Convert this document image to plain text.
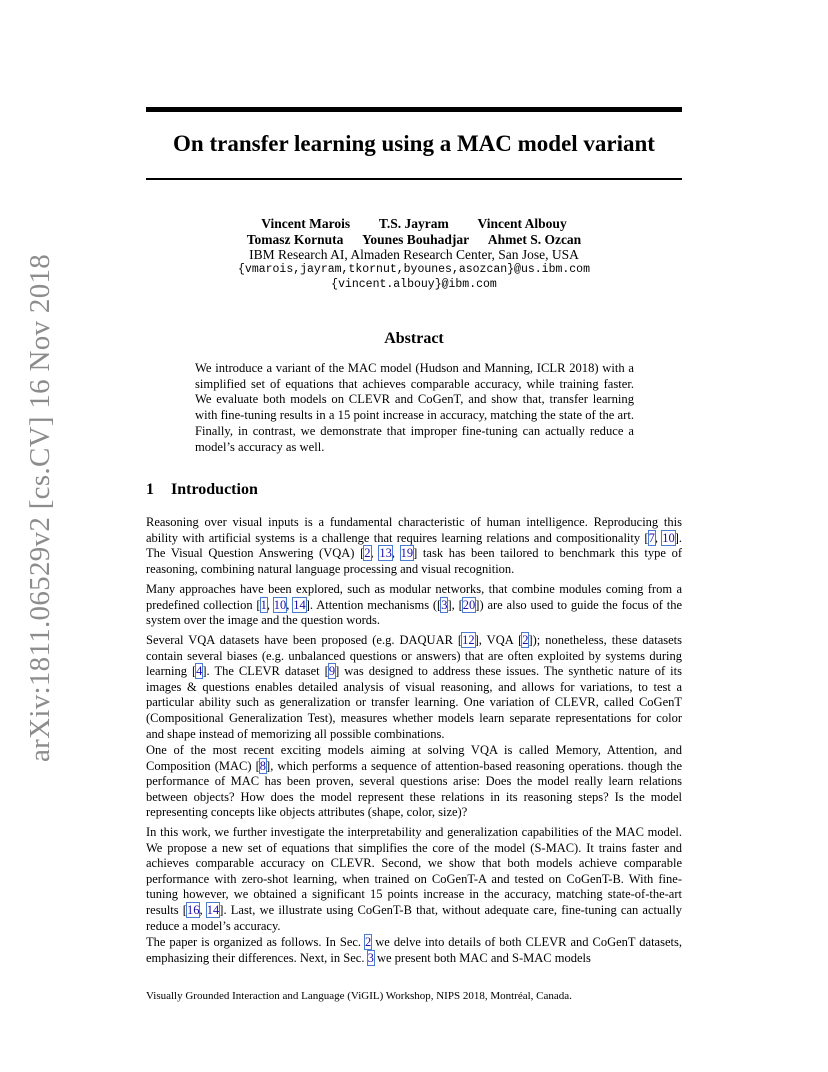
arXiv:1811.06529v2 [cs.CV] 16 Nov 2018
On transfer learning using a MAC model variant
Vincent Marois T.S. Jayram Vincent Albouy
Tomasz Kornuta Younes Bouhadjar Ahmet S. Ozcan
IBM Research AI, Almaden Research Center, San Jose, USA
{vmarois,jayram,tkornut,byounes,asozcan}@us.ibm.com
{vincent.albouy}@ibm.com
Abstract
We introduce a variant of the MAC model (Hudson and Manning, ICLR 2018) with a simplified set of equations that achieves comparable accuracy, while training faster. We evaluate both models on CLEVR and CoGenT, and show that, transfer learning with fine-tuning results in a 15 point increase in accuracy, matching the state of the art. Finally, in contrast, we demonstrate that improper fine-tuning can actually reduce a model’s accuracy as well.
1 Introduction
Reasoning over visual inputs is a fundamental characteristic of human intelligence. Reproducing this ability with artificial systems is a challenge that requires learning relations and compositionality [7, 10]. The Visual Question Answering (VQA) [2, 13, 19] task has been tailored to benchmark this type of reasoning, combining natural language processing and visual recognition.
Many approaches have been explored, such as modular networks, that combine modules coming from a predefined collection [1, 10, 14]. Attention mechanisms ([3], [20]) are also used to guide the focus of the system over the image and the question words.
Several VQA datasets have been proposed (e.g. DAQUAR [12], VQA [2]); nonetheless, these datasets contain several biases (e.g. unbalanced questions or answers) that are often exploited by systems during learning [4]. The CLEVR dataset [9] was designed to address these issues. The synthetic nature of its images & questions enables detailed analysis of visual reasoning, and allows for variations, to test a particular ability such as generalization or transfer learning. One variation of CLEVR, called CoGenT (Compositional Generalization Test), measures whether models learn separate representations for color and shape instead of memorizing all possible combinations.
One of the most recent exciting models aiming at solving VQA is called Memory, Attention, and Composition (MAC) [8], which performs a sequence of attention-based reasoning operations. though the performance of MAC has been proven, several questions arise: Does the model really learn relations between objects? How does the model represent these relations in its reasoning steps? Is the model representing concepts like objects attributes (shape, color, size)?
In this work, we further investigate the interpretability and generalization capabilities of the MAC model. We propose a new set of equations that simplifies the core of the model (S-MAC). It trains faster and achieves comparable accuracy on CLEVR. Second, we show that both models achieve comparable performance with zero-shot learning, when trained on CoGenT-A and tested on CoGenT-B. With fine-tuning however, we obtained a significant 15 points increase in the accuracy, matching state-of-the-art results [16, 14]. Last, we illustrate using CoGenT-B that, without adequate care, fine-tuning can actually reduce a model’s accuracy.
The paper is organized as follows. In Sec. 2 we delve into details of both CLEVR and CoGenT datasets, emphasizing their differences. Next, in Sec. 3 we present both MAC and S-MAC models
Visually Grounded Interaction and Language (ViGIL) Workshop, NIPS 2018, Montréal, Canada.
